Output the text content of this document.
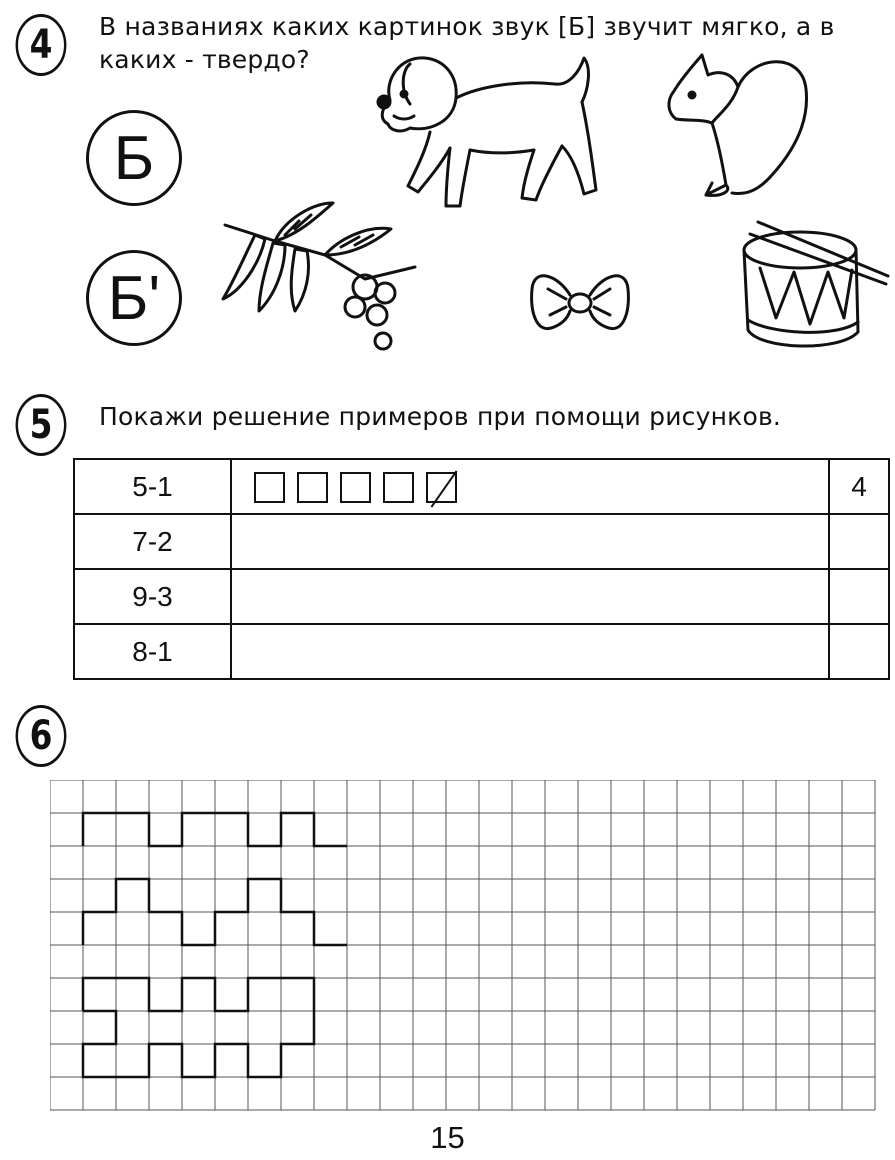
4	В названиях каких картинок звук [Б] звучит мягко, а в
каких - твердо?
Б
Б'
5	Покажи решение примеров при помощи рисунков.
5-1		4
7-2		
9-3		
8-1		
6
15
